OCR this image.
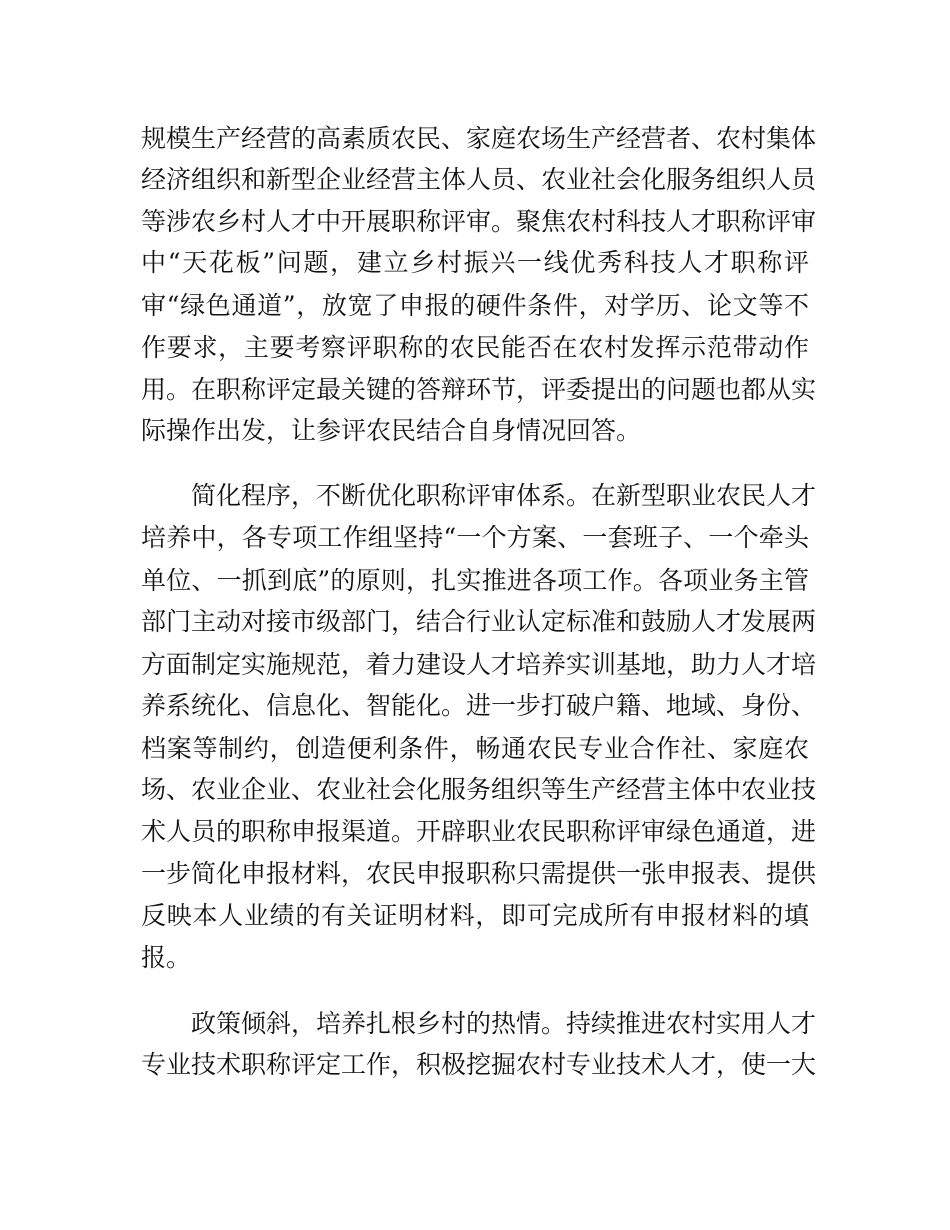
规模生产经营的高素质农民、家庭农场生产经营者、农村集体
经济组织和新型企业经营主体人员、农业社会化服务组织人员
等涉农乡村人才中开展职称评审。聚焦农村科技人才职称评审
中“天花板”问题，建立乡村振兴一线优秀科技人才职称评
审“绿色通道”，放宽了申报的硬件条件，对学历、论文等不
作要求，主要考察评职称的农民能否在农村发挥示范带动作
用。在职称评定最关键的答辩环节，评委提出的问题也都从实
际操作出发，让参评农民结合自身情况回答。
简化程序，不断优化职称评审体系。在新型职业农民人才
培养中，各专项工作组坚持“一个方案、一套班子、一个牵头
单位、一抓到底”的原则，扎实推进各项工作。各项业务主管
部门主动对接市级部门，结合行业认定标准和鼓励人才发展两
方面制定实施规范，着力建设人才培养实训基地，助力人才培
养系统化、信息化、智能化。进一步打破户籍、地域、身份、
档案等制约，创造便利条件，畅通农民专业合作社、家庭农
场、农业企业、农业社会化服务组织等生产经营主体中农业技
术人员的职称申报渠道。开辟职业农民职称评审绿色通道，进
一步简化申报材料，农民申报职称只需提供一张申报表、提供
反映本人业绩的有关证明材料，即可完成所有申报材料的填
报。
政策倾斜，培养扎根乡村的热情。持续推进农村实用人才
专业技术职称评定工作，积极挖掘农村专业技术人才，使一大
